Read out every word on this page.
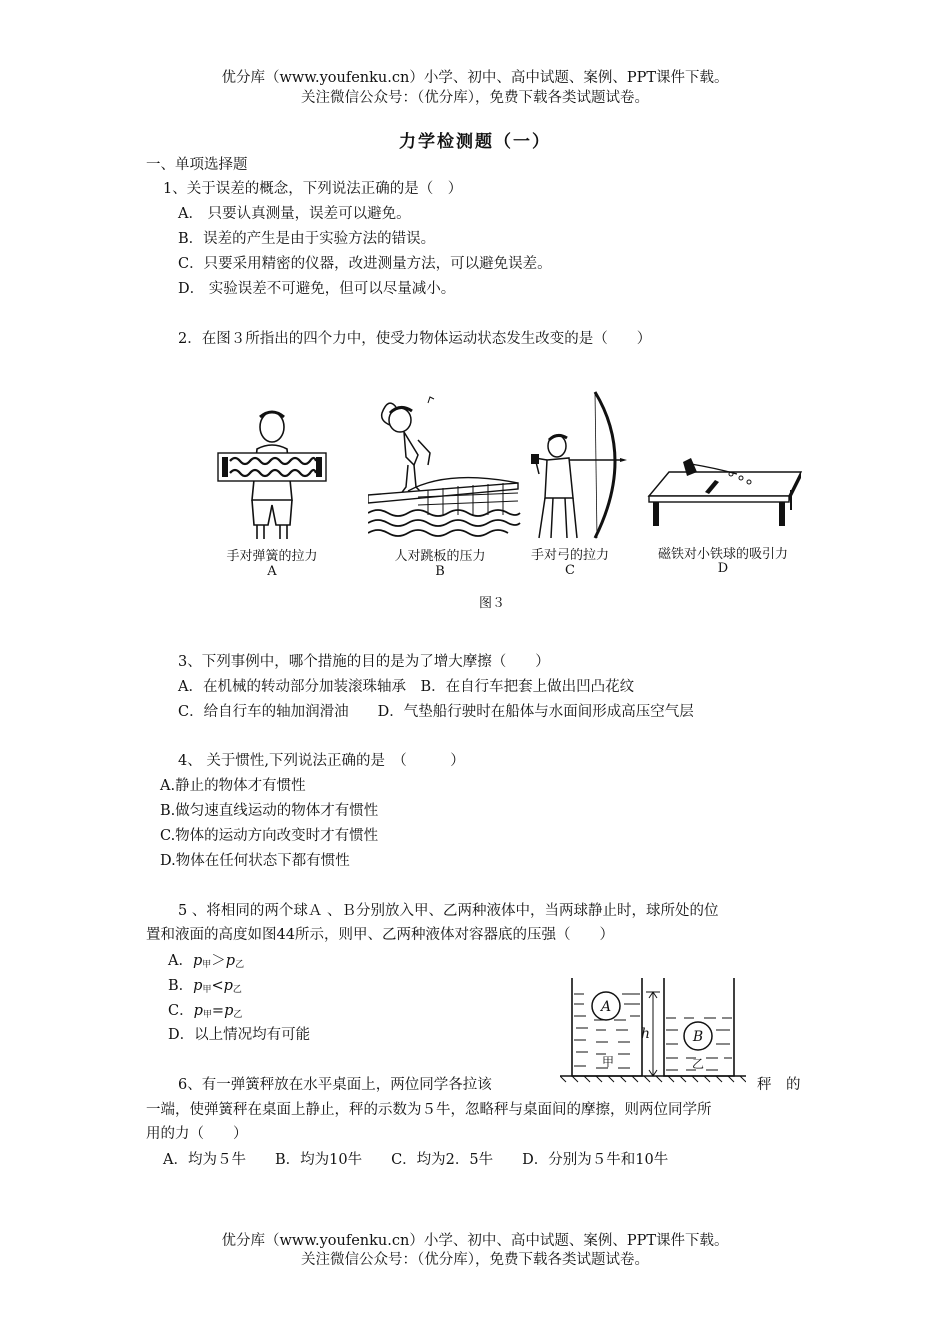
优分库（www.youfenku.cn）小学、初中、高中试题、案例、PPT课件下载。
关注微信公众号：（优分库），免费下载各类试题试卷。
力学检测题（一）
一、单项选择题
1、关于误差的概念，下列说法正确的是（　）
A． 只要认真测量，误差可以避免。
B．误差的产生是由于实验方法的错误。
C．只要采用精密的仪器，改进测量方法，可以避免误差。
D． 实验误差不可避免，但可以尽量减小。
2．在图３所指出的四个力中，使受力物体运动状态发生改变的是（　　）
手对弹簧的拉力
A
人对跳板的压力
B
手对弓的拉力
C
磁铁对小铁球的吸引力
D
图３
3、下列事例中，哪个措施的目的是为了增大摩擦（　　）
A．在机械的转动部分加装滚珠轴承　B．在自行车把套上做出凹凸花纹
C．给自行车的轴加润滑油　　D．气垫船行驶时在船体与水面间形成高压空气层
4、 关于惯性,下列说法正确的是　（　　　）
A.静止的物体才有惯性
B.做匀速直线运动的物体才有惯性
C.物体的运动方向改变时才有惯性
D.物体在任何状态下都有惯性
5 、将相同的两个球Ａ 、Ｂ分别放入甲、乙两种液体中，当两球静止时，球所处的位
置和液面的高度如图44所示，则甲、乙两种液体对容器底的压强（　　）
A．$p_甲>p_乙$
B．$p_甲<p_乙$
C．$p_甲=p_乙$
D．以上情况均有可能
A
B
h
甲	乙
6、有一弹簧秤放在水平桌面上，两位同学各拉该	秤　的
一端，使弹簧秤在桌面上静止，秤的示数为５牛，忽略秤与桌面间的摩擦，则两位同学所
用的力（　　）
A．均为５牛　　B．均为10牛　　C．均为2．5牛　　D．分别为５牛和10牛
优分库（www.youfenku.cn）小学、初中、高中试题、案例、PPT课件下载。
关注微信公众号：（优分库），免费下载各类试题试卷。
